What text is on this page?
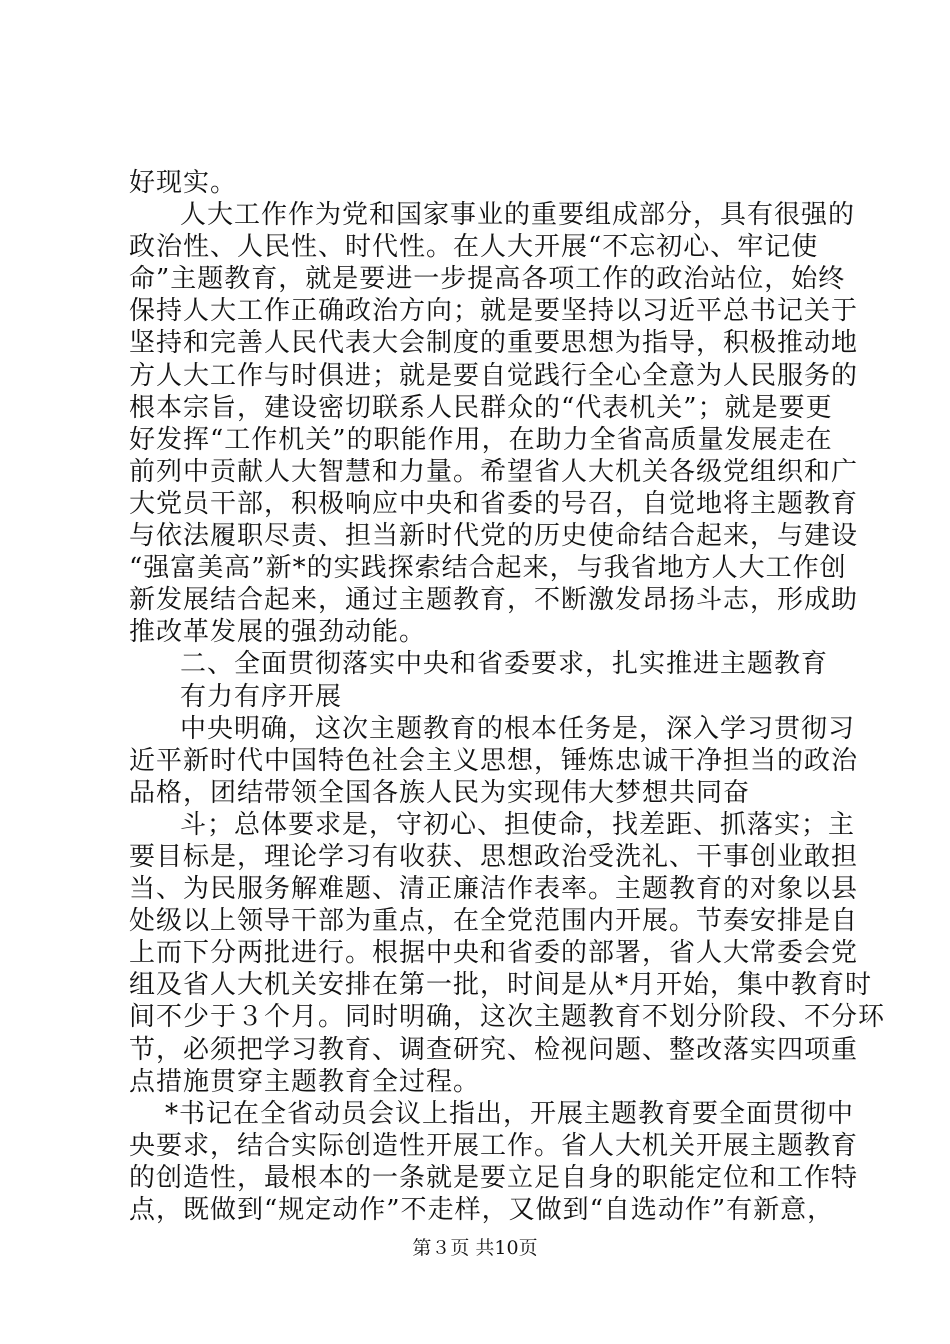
好现实。
人大工作作为党和国家事业的重要组成部分，具有很强的
政治性、人民性、时代性。在人大开展“不忘初心、牢记使
命”主题教育，就是要进一步提高各项工作的政治站位，始终
保持人大工作正确政治方向；就是要坚持以习近平总书记关于
坚持和完善人民代表大会制度的重要思想为指导，积极推动地
方人大工作与时俱进；就是要自觉践行全心全意为人民服务的
根本宗旨，建设密切联系人民群众的“代表机关”；就是要更
好发挥“工作机关”的职能作用，在助力全省高质量发展走在
前列中贡献人大智慧和力量。希望省人大机关各级党组织和广
大党员干部，积极响应中央和省委的号召，自觉地将主题教育
与依法履职尽责、担当新时代党的历史使命结合起来，与建设
“强富美高”新*的实践探索结合起来，与我省地方人大工作创
新发展结合起来，通过主题教育，不断激发昂扬斗志，形成助
推改革发展的强劲动能。
二、全面贯彻落实中央和省委要求，扎实推进主题教育
有力有序开展
中央明确，这次主题教育的根本任务是，深入学习贯彻习
近平新时代中国特色社会主义思想，锤炼忠诚干净担当的政治
品格，团结带领全国各族人民为实现伟大梦想共同奋
斗；总体要求是，守初心、担使命，找差距、抓落实；主
要目标是，理论学习有收获、思想政治受洗礼、干事创业敢担
当、为民服务解难题、清正廉洁作表率。主题教育的对象以县
处级以上领导干部为重点，在全党范围内开展。节奏安排是自
上而下分两批进行。根据中央和省委的部署，省人大常委会党
组及省人大机关安排在第一批，时间是从*月开始，集中教育时
间不少于３个月。同时明确，这次主题教育不划分阶段、不分环
节，必须把学习教育、调查研究、检视问题、整改落实四项重
点措施贯穿主题教育全过程。
*书记在全省动员会议上指出，开展主题教育要全面贯彻中
央要求，结合实际创造性开展工作。省人大机关开展主题教育
的创造性，最根本的一条就是要立足自身的职能定位和工作特
点，既做到“规定动作”不走样，又做到“自选动作”有新意，
第３页 共10页
